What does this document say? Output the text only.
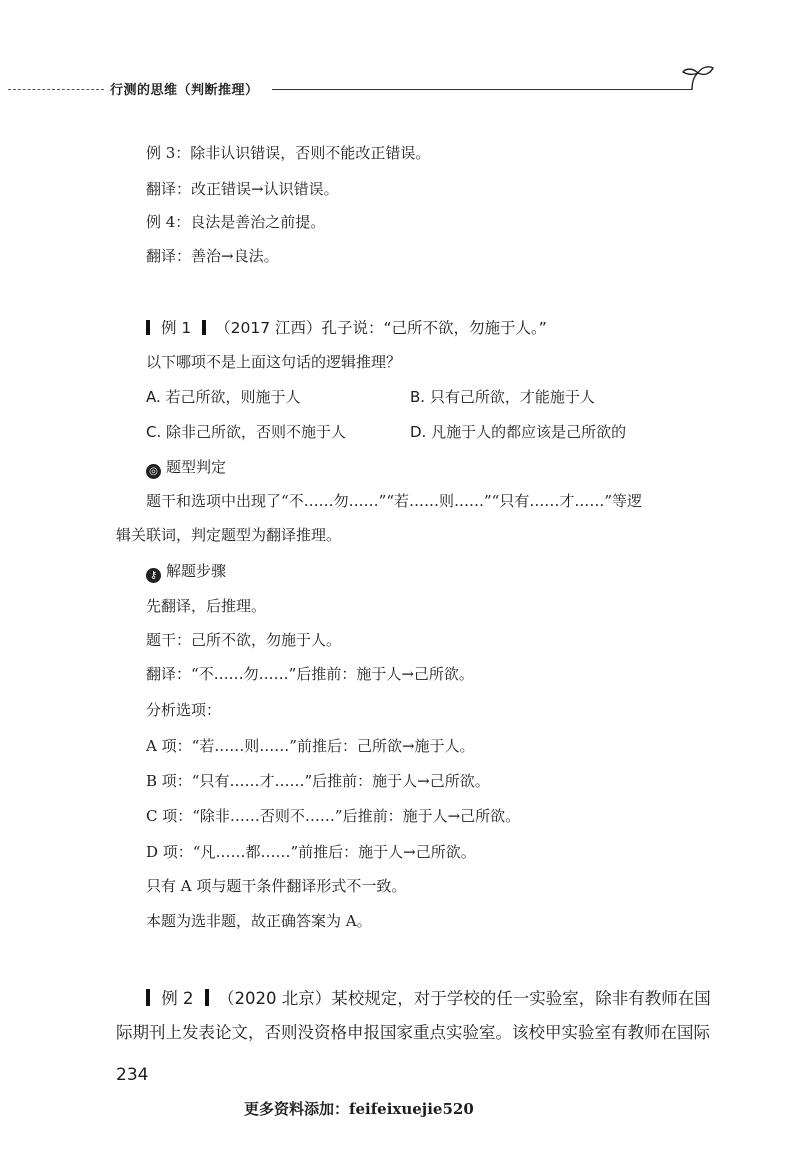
行测的思维（判断推理）
例 3：除非认识错误，否则不能改正错误。
翻译：改正错误→认识错误。
例 4：良法是善治之前提。
翻译：善治→良法。
例 1 （2017 江西）孔子说：“己所不欲，勿施于人。”
以下哪项不是上面这句话的逻辑推理？
A. 若己所欲，则施于人	B. 只有己所欲，才能施于人
C. 除非己所欲，否则不施于人	D. 凡施于人的都应该是己所欲的
◎ 题型判定
题干和选项中出现了“不……勿……”“若……则……”“只有……才……”等逻
辑关联词，判定题型为翻译推理。
⚷ 解题步骤
先翻译，后推理。
题干：己所不欲，勿施于人。
翻译：“不……勿……”后推前：施于人→己所欲。
分析选项：
A 项：“若……则……”前推后：己所欲→施于人。
B 项：“只有……才……”后推前：施于人→己所欲。
C 项：“除非……否则不……”后推前：施于人→己所欲。
D 项：“凡……都……”前推后：施于人→己所欲。
只有 A 项与题干条件翻译形式不一致。
本题为选非题，故正确答案为 A。
例 2 （2020 北京）某校规定，对于学校的任一实验室，除非有教师在国
际期刊上发表论文，否则没资格申报国家重点实验室。该校甲实验室有教师在国际
234
更多资料添加：feifeixuejie520
